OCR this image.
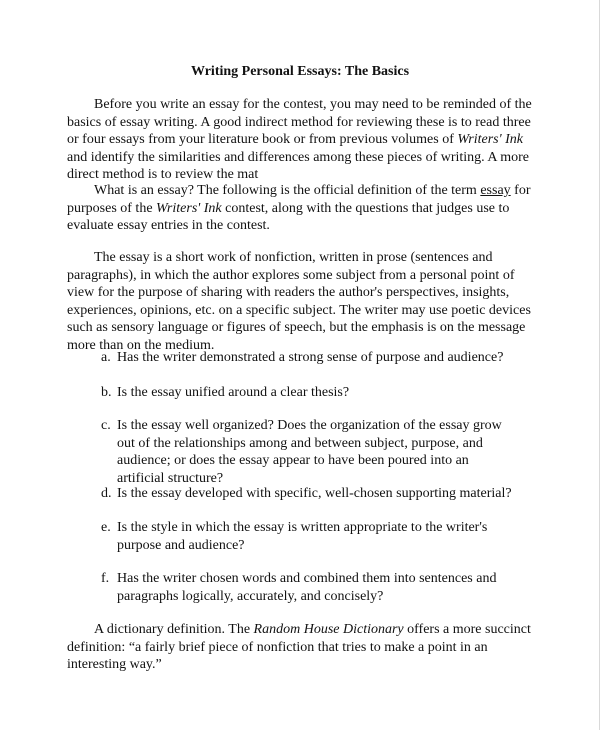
Writing Personal Essays: The Basics

Before you write an essay for the contest, you may need to be reminded of the basics of essay writing. A good indirect method for reviewing these is to read three or four essays from your literature book or from previous volumes of Writers' Ink and identify the similarities and differences among these pieces of writing. A more direct method is to review the mat

What is an essay? The following is the official definition of the term essay for purposes of the Writers' Ink contest, along with the questions that judges use to evaluate essay entries in the contest.

The essay is a short work of nonfiction, written in prose (sentences and paragraphs), in which the author explores some subject from a personal point of view for the purpose of sharing with readers the author's perspectives, insights, experiences, opinions, etc. on a specific subject. The writer may use poetic devices such as sensory language or figures of speech, but the emphasis is on the message more than on the medium.

a. Has the writer demonstrated a strong sense of purpose and audience?
b. Is the essay unified around a clear thesis?
c. Is the essay well organized? Does the organization of the essay grow out of the relationships among and between subject, purpose, and audience; or does the essay appear to have been poured into an artificial structure?
d. Is the essay developed with specific, well-chosen supporting material?
e. Is the style in which the essay is written appropriate to the writer's purpose and audience?
f. Has the writer chosen words and combined them into sentences and paragraphs logically, accurately, and concisely?

A dictionary definition. The Random House Dictionary offers a more succinct definition: “a fairly brief piece of nonfiction that tries to make a point in an interesting way.”
